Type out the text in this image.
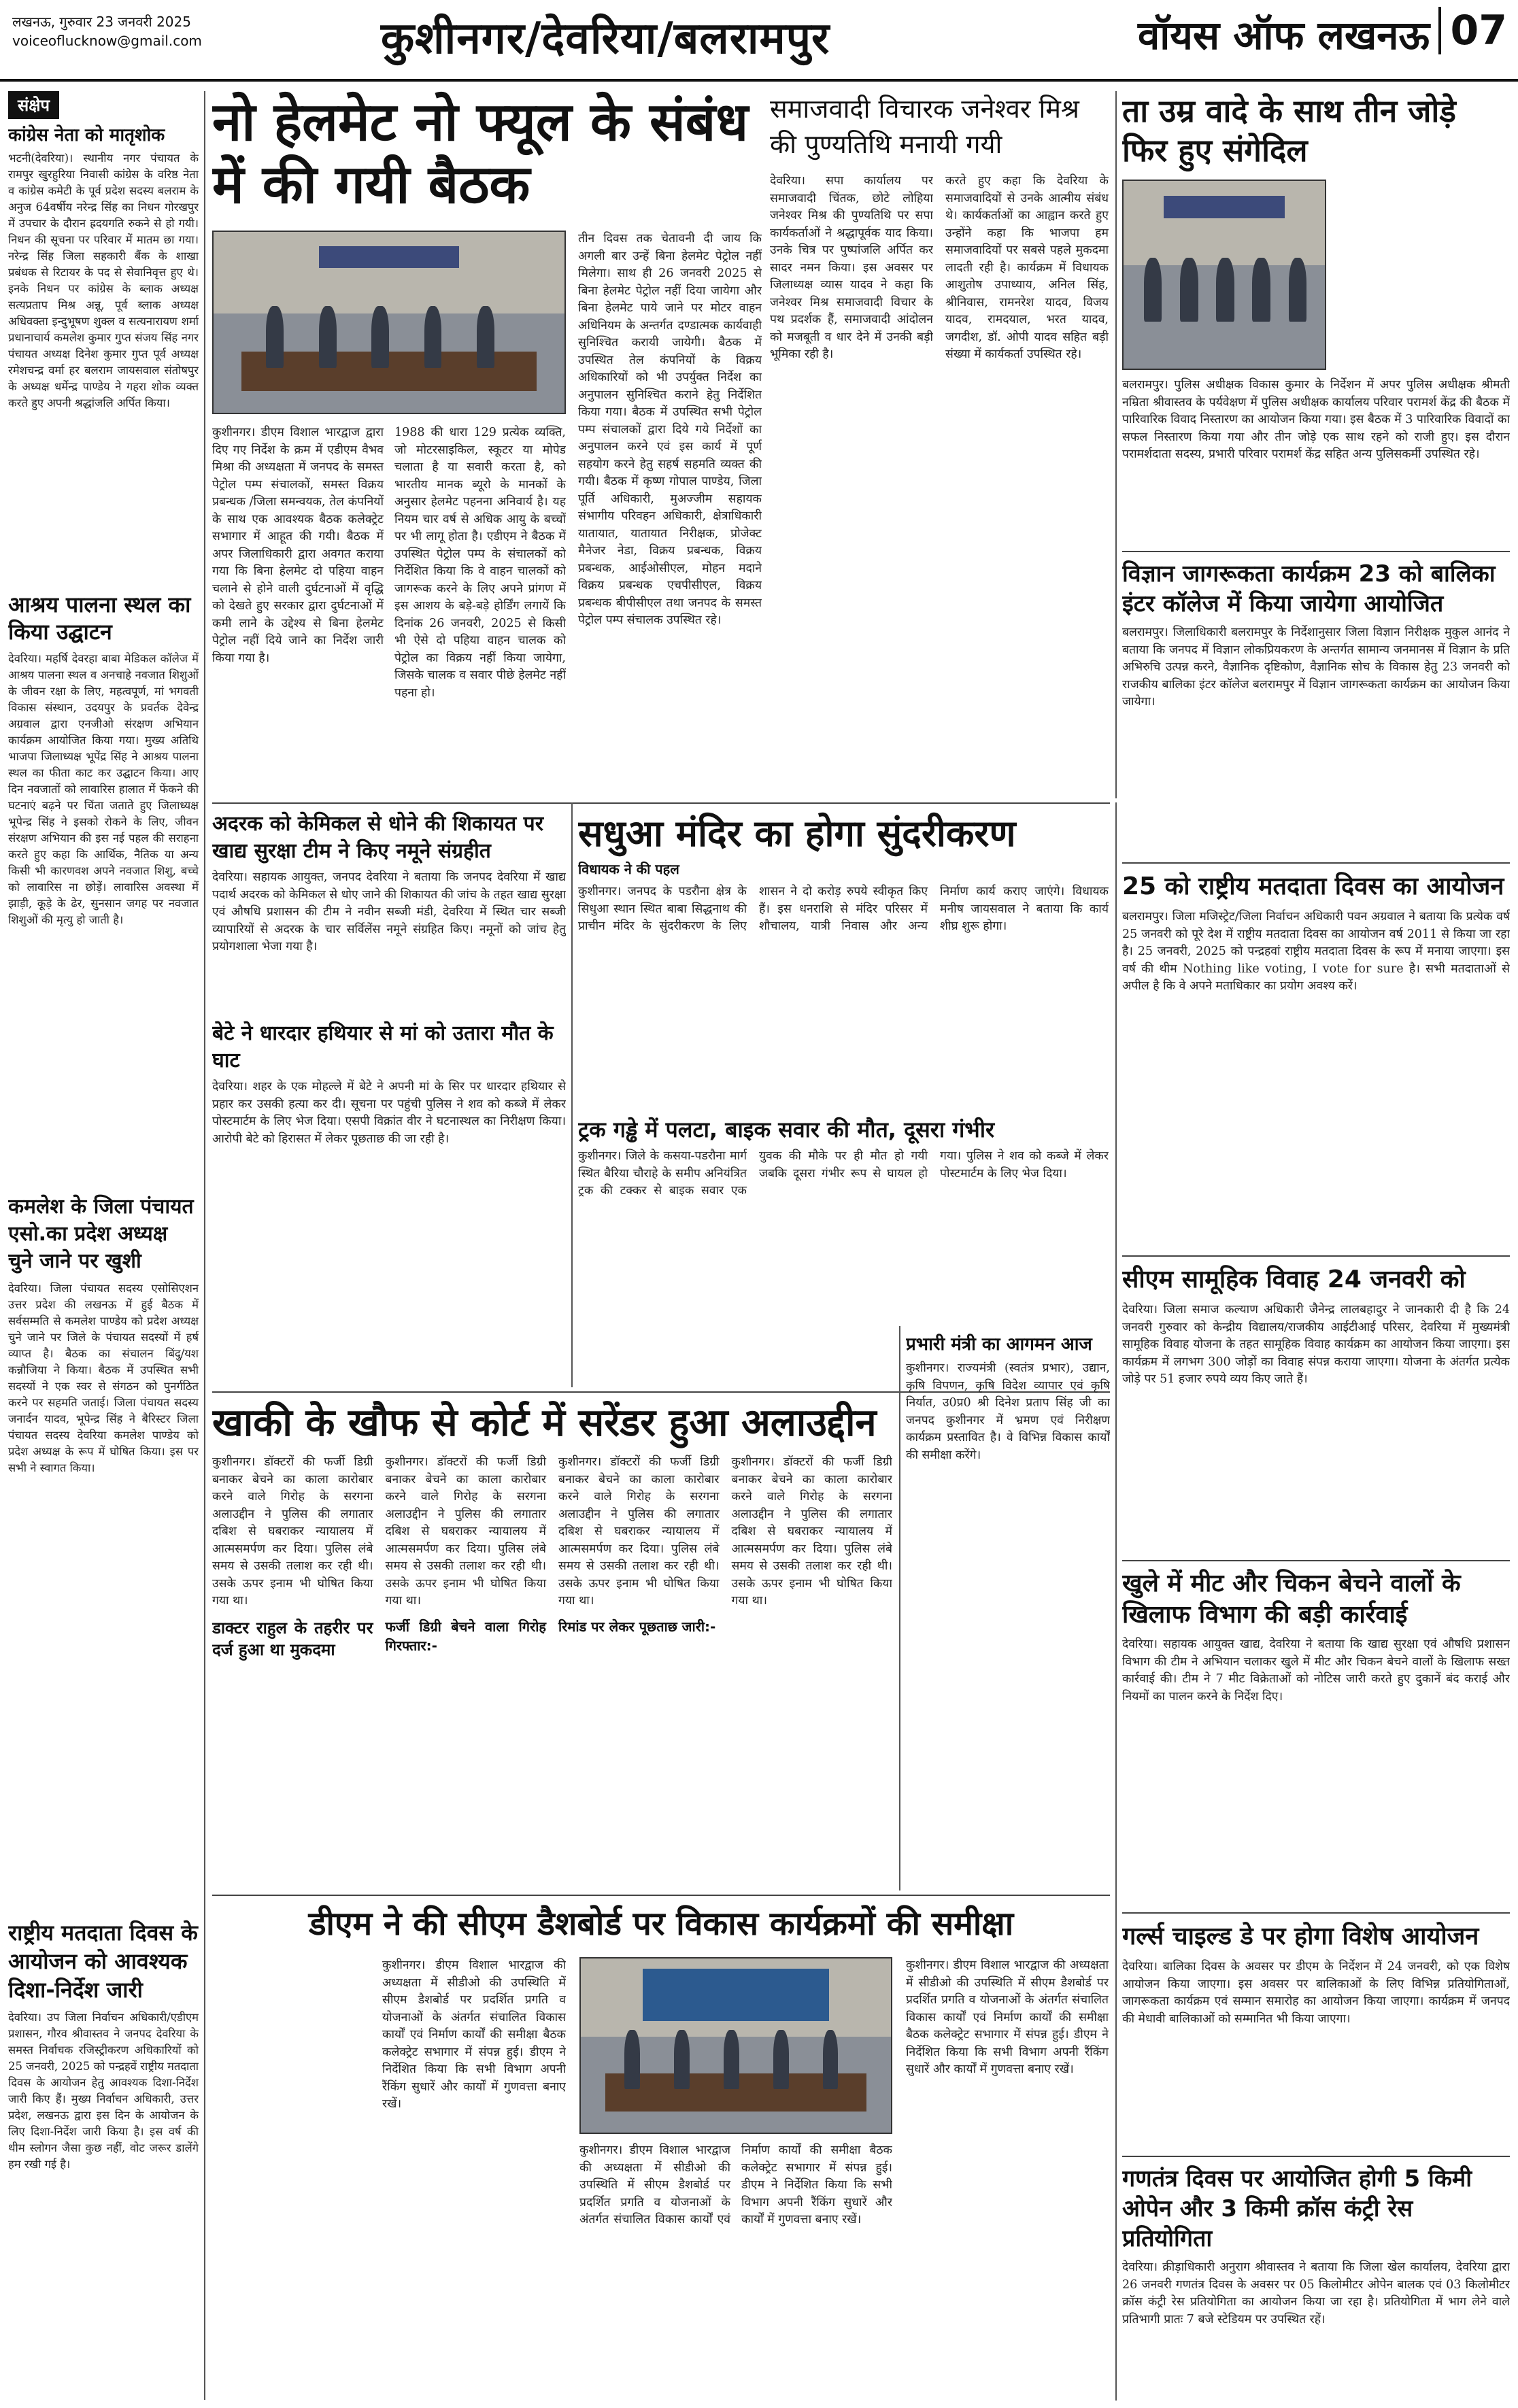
लखनऊ, गुरुवार 23 जनवरी 2025
voiceoflucknow@gmail.com	कुशीनगर/देवरिया/बलरामपुर	वॉयस ऑफ लखनऊ 07
संक्षेप
कांग्रेस नेता को मातृशोक
भटनी(देवरिया)। स्थानीय नगर पंचायत के रामपुर खुरहुरिया निवासी कांग्रेस के वरिष्ठ नेता व कांग्रेस कमेटी के पूर्व प्रदेश सदस्य बलराम के अनुज 64वर्षीय नरेन्द्र सिंह का निधन गोरखपुर में उपचार के दौरान ह्रदयगति रुकने से हो गयी। निधन की सूचना पर परिवार में मातम छा गया। नरेन्द्र सिंह जिला सहकारी बैंक के शाखा प्रबंधक से रिटायर के पद से सेवानिवृत्त हुए थे। इनके निधन पर कांग्रेस के ब्लाक अध्यक्ष सत्यप्रताप मिश्र अन्नू, पूर्व ब्लाक अध्यक्ष अधिवक्ता इन्दुभूषण शुक्ल व सत्यनारायण शर्मा प्रधानाचार्य कमलेश कुमार गुप्त संजय सिंह नगर पंचायत अध्यक्ष दिनेश कुमार गुप्त पूर्व अध्यक्ष रमेशचन्द्र वर्मा हर बलराम जायसवाल संतोषपुर के अध्यक्ष धर्मेन्द्र पाण्डेय ने गहरा शोक व्यक्त करते हुए अपनी श्रद्धांजलि अर्पित किया।
आश्रय पालना स्थल का किया उद्घाटन
देवरिया। महर्षि देवरहा बाबा मेडिकल कॉलेज में आश्रय पालना स्थल व अनचाहे नवजात शिशुओं के जीवन रक्षा के लिए, महत्वपूर्ण, मां भगवती विकास संस्थान, उदयपुर के प्रवर्तक देवेन्द्र अग्रवाल द्वारा एनजीओ संरक्षण अभियान कार्यक्रम आयोजित किया गया। मुख्य अतिथि भाजपा जिलाध्यक्ष भूपेंद्र सिंह ने आश्रय पालना स्थल का फीता काट कर उद्घाटन किया। आए दिन नवजातों को लावारिस हालात में फेंकने की घटनाएं बढ़ने पर चिंता जताते हुए जिलाध्यक्ष भूपेन्द्र सिंह ने इसको रोकने के लिए, जीवन संरक्षण अभियान की इस नई पहल की सराहना करते हुए कहा कि आर्थिक, नैतिक या अन्य किसी भी कारणवश अपने नवजात शिशु, बच्चे को लावारिस ना छोड़ें। लावारिस अवस्था में झाड़ी, कूड़े के ढेर, सुनसान जगह पर नवजात शिशुओं की मृत्यु हो जाती है।
कमलेश के जिला पंचायत एसो.का प्रदेश अध्यक्ष चुने जाने पर खुशी
देवरिया। जिला पंचायत सदस्य एसोसिएशन उत्तर प्रदेश की लखनऊ में हुई बैठक में सर्वसम्मति से कमलेश पाण्डेय को प्रदेश अध्यक्ष चुने जाने पर जिले के पंचायत सदस्यों में हर्ष व्याप्त है। बैठक का संचालन बिंदु/यश कन्नौजिया ने किया। बैठक में उपस्थित सभी सदस्यों ने एक स्वर से संगठन को पुनर्गठित करने पर सहमति जताई। जिला पंचायत सदस्य जनार्दन यादव, भूपेन्द्र सिंह ने बैरिस्टर जिला पंचायत सदस्य देवरिया कमलेश पाण्डेय को प्रदेश अध्यक्ष के रूप में घोषित किया। इस पर सभी ने स्वागत किया।
राष्ट्रीय मतदाता दिवस के आयोजन को आवश्यक दिशा-निर्देश जारी
देवरिया। उप जिला निर्वाचन अधिकारी/एडीएम प्रशासन, गौरव श्रीवास्तव ने जनपद देवरिया के समस्त निर्वाचक रजिस्ट्रीकरण अधिकारियों को 25 जनवरी, 2025 को पन्द्रहवें राष्ट्रीय मतदाता दिवस के आयोजन हेतु आवश्यक दिशा-निर्देश जारी किए हैं। मुख्य निर्वाचन अधिकारी, उत्तर प्रदेश, लखनऊ द्वारा इस दिन के आयोजन के लिए दिशा-निर्देश जारी किया है। इस वर्ष की थीम स्लोगन जैसा कुछ नहीं, वोट जरूर डालेंगे हम रखी गई है।
नो हेलमेट नो फ्यूल के संबंध में की गयी बैठक
कुशीनगर। डीएम विशाल भारद्वाज द्वारा दिए गए निर्देश के क्रम में एडीएम वैभव मिश्रा की अध्यक्षता में जनपद के समस्त पेट्रोल पम्प संचालकों, समस्त विक्रय प्रबन्धक /जिला समन्वयक, तेल कंपनियों के साथ एक आवश्यक बैठक कलेक्ट्रेट सभागार में आहूत की गयी। बैठक में अपर जिलाधिकारी द्वारा अवगत कराया गया कि बिना हेलमेट दो पहिया वाहन चलाने से होने वाली दुर्घटनाओं में वृद्धि को देखते हुए सरकार द्वारा दुर्घटनाओं में कमी लाने के उद्देश्य से बिना हेलमेट पेट्रोल नहीं दिये जाने का निर्देश जारी किया गया है।
1988 की धारा 129 प्रत्येक व्यक्ति, जो मोटरसाइकिल, स्कूटर या मोपेड चलाता है या सवारी करता है, को भारतीय मानक ब्यूरो के मानकों के अनुसार हेलमेट पहनना अनिवार्य है। यह नियम चार वर्ष से अधिक आयु के बच्चों पर भी लागू होता है। एडीएम ने बैठक में उपस्थित पेट्रोल पम्प के संचालकों को निर्देशित किया कि वे वाहन चालकों को जागरूक करने के लिए अपने प्रांगण में इस आशय के बड़े-बड़े होर्डिंग लगायें कि दिनांक 26 जनवरी, 2025 से किसी भी ऐसे दो पहिया वाहन चालक को पेट्रोल का विक्रय नहीं किया जायेगा, जिसके चालक व सवार पीछे हेलमेट नहीं पहना हो।
तीन दिवस तक चेतावनी दी जाय कि अगली बार उन्हें बिना हेलमेट पेट्रोल नहीं मिलेगा। साथ ही 26 जनवरी 2025 से बिना हेलमेट पेट्रोल नहीं दिया जायेगा और बिना हेलमेट पाये जाने पर मोटर वाहन अधिनियम के अन्तर्गत दण्डात्मक कार्यवाही सुनिश्चित करायी जायेगी। बैठक में उपस्थित तेल कंपनियों के विक्रय अधिकारियों को भी उपर्युक्त निर्देश का अनुपालन सुनिश्चित कराने हेतु निर्देशित किया गया। बैठक में उपस्थित सभी पेट्रोल पम्प संचालकों द्वारा दिये गये निर्देशों का अनुपालन करने एवं इस कार्य में पूर्ण सहयोग करने हेतु सहर्ष सहमति व्यक्त की गयी। बैठक में कृष्ण गोपाल पाण्डेय, जिला पूर्ति अधिकारी, मुअज्जीम सहायक संभागीय परिवहन अधिकारी, क्षेत्राधिकारी यातायात, यातायात निरीक्षक, प्रोजेक्ट मैनेजर नेडा, विक्रय प्रबन्धक, विक्रय प्रबन्धक, आईओसीएल, मोहन मदाने विक्रय प्रबन्धक एचपीसीएल, विक्रय प्रबन्धक बीपीसीएल तथा जनपद के समस्त पेट्रोल पम्प संचालक उपस्थित रहे।
समाजवादी विचारक जनेश्वर मिश्र की पुण्यतिथि मनायी गयी
देवरिया। सपा कार्यालय पर समाजवादी चिंतक, छोटे लोहिया जनेश्वर मिश्र की पुण्यतिथि पर सपा कार्यकर्ताओं ने श्रद्धापूर्वक याद किया। उनके चित्र पर पुष्पांजलि अर्पित कर सादर नमन किया। इस अवसर पर जिलाध्यक्ष व्यास यादव ने कहा कि जनेश्वर मिश्र समाजवादी विचार के पथ प्रदर्शक हैं, समाजवादी आंदोलन को मजबूती व धार देने में उनकी बड़ी भूमिका रही है।
करते हुए कहा कि देवरिया के समाजवादियों से उनके आत्मीय संबंध थे। कार्यकर्ताओं का आह्वान करते हुए उन्होंने कहा कि भाजपा हम समाजवादियों पर सबसे पहले मुकदमा लादती रही है। कार्यक्रम में विधायक आशुतोष उपाध्याय, अनिल सिंह, श्रीनिवास, रामनरेश यादव, विजय यादव, रामदयाल, भरत यादव, जगदीश, डॉ. ओपी यादव सहित बड़ी संख्या में कार्यकर्ता उपस्थित रहे।
ता उम्र वादे के साथ तीन जोड़े फिर हुए संगेदिल
बलरामपुर। पुलिस अधीक्षक विकास कुमार के निर्देशन में अपर पुलिस अधीक्षक श्रीमती नम्रिता श्रीवास्तव के पर्यवेक्षण में पुलिस अधीक्षक कार्यालय परिवार परामर्श केंद्र की बैठक में पारिवारिक विवाद निस्तारण का आयोजन किया गया। इस बैठक में 3 पारिवारिक विवादों का सफल निस्तारण किया गया और तीन जोड़े एक साथ रहने को राजी हुए। इस दौरान परामर्शदाता सदस्य, प्रभारी परिवार परामर्श केंद्र सहित अन्य पुलिसकर्मी उपस्थित रहे।
विज्ञान जागरूकता कार्यक्रम 23 को बालिका इंटर कॉलेज में किया जायेगा आयोजित
बलरामपुर। जिलाधिकारी बलरामपुर के निर्देशानुसार जिला विज्ञान निरीक्षक मुकुल आनंद ने बताया कि जनपद में विज्ञान लोकप्रियकरण के अन्तर्गत सामान्य जनमानस में विज्ञान के प्रति अभिरुचि उत्पन्न करने, वैज्ञानिक दृष्टिकोण, वैज्ञानिक सोच के विकास हेतु 23 जनवरी को राजकीय बालिका इंटर कॉलेज बलरामपुर में विज्ञान जागरूकता कार्यक्रम का आयोजन किया जायेगा।
25 को राष्ट्रीय मतदाता दिवस का आयोजन
बलरामपुर। जिला मजिस्ट्रेट/जिला निर्वाचन अधिकारी पवन अग्रवाल ने बताया कि प्रत्येक वर्ष 25 जनवरी को पूरे देश में राष्ट्रीय मतदाता दिवस का आयोजन वर्ष 2011 से किया जा रहा है। 25 जनवरी, 2025 को पन्द्रहवां राष्ट्रीय मतदाता दिवस के रूप में मनाया जाएगा। इस वर्ष की थीम Nothing like voting, I vote for sure है। सभी मतदाताओं से अपील है कि वे अपने मताधिकार का प्रयोग अवश्य करें।
सीएम सामूहिक विवाह 24 जनवरी को
देवरिया। जिला समाज कल्याण अधिकारी जैनेन्द्र लालबहादुर ने जानकारी दी है कि 24 जनवरी गुरुवार को केन्द्रीय विद्यालय/राजकीय आईटीआई परिसर, देवरिया में मुख्यमंत्री सामूहिक विवाह योजना के तहत सामूहिक विवाह कार्यक्रम का आयोजन किया जाएगा। इस कार्यक्रम में लगभग 300 जोड़ों का विवाह संपन्न कराया जाएगा। योजना के अंतर्गत प्रत्येक जोड़े पर 51 हजार रुपये व्यय किए जाते हैं।
खुले में मीट और चिकन बेचने वालों के खिलाफ विभाग की बड़ी कार्रवाई
देवरिया। सहायक आयुक्त खाद्य, देवरिया ने बताया कि खाद्य सुरक्षा एवं औषधि प्रशासन विभाग की टीम ने अभियान चलाकर खुले में मीट और चिकन बेचने वालों के खिलाफ सख्त कार्रवाई की। टीम ने 7 मीट विक्रेताओं को नोटिस जारी करते हुए दुकानें बंद कराई और नियमों का पालन करने के निर्देश दिए।
गर्ल्स चाइल्ड डे पर होगा विशेष आयोजन
देवरिया। बालिका दिवस के अवसर पर डीएम के निर्देशन में 24 जनवरी, को एक विशेष आयोजन किया जाएगा। इस अवसर पर बालिकाओं के लिए विभिन्न प्रतियोगिताओं, जागरूकता कार्यक्रम एवं सम्मान समारोह का आयोजन किया जाएगा। कार्यक्रम में जनपद की मेधावी बालिकाओं को सम्मानित भी किया जाएगा।
गणतंत्र दिवस पर आयोजित होगी 5 किमी ओपेन और 3 किमी क्रॉस कंट्री रेस प्रतियोगिता
देवरिया। क्रीड़ाधिकारी अनुराग श्रीवास्तव ने बताया कि जिला खेल कार्यालय, देवरिया द्वारा 26 जनवरी गणतंत्र दिवस के अवसर पर 05 किलोमीटर ओपेन बालक एवं 03 किलोमीटर क्रॉस कंट्री रेस प्रतियोगिता का आयोजन किया जा रहा है। प्रतियोगिता में भाग लेने वाले प्रतिभागी प्रातः 7 बजे स्टेडियम पर उपस्थित रहें।
अदरक को केमिकल से धोने की शिकायत पर खाद्य सुरक्षा टीम ने किए नमूने संग्रहीत
देवरिया। सहायक आयुक्त, जनपद देवरिया ने बताया कि जनपद देवरिया में खाद्य पदार्थ अदरक को केमिकल से धोए जाने की शिकायत की जांच के तहत खाद्य सुरक्षा एवं औषधि प्रशासन की टीम ने नवीन सब्जी मंडी, देवरिया में स्थित चार सब्जी व्यापारियों से अदरक के चार सर्विलेंस नमूने संग्रहित किए। नमूनों को जांच हेतु प्रयोगशाला भेजा गया है।
बेटे ने धारदार हथियार से मां को उतारा मौत के घाट
देवरिया। शहर के एक मोहल्ले में बेटे ने अपनी मां के सिर पर धारदार हथियार से प्रहार कर उसकी हत्या कर दी। सूचना पर पहुंची पुलिस ने शव को कब्जे में लेकर पोस्टमार्टम के लिए भेज दिया। एसपी विक्रांत वीर ने घटनास्थल का निरीक्षण किया। आरोपी बेटे को हिरासत में लेकर पूछताछ की जा रही है।
सधुआ मंदिर का होगा सुंदरीकरण
विधायक ने की पहल
कुशीनगर। जनपद के पडरौना क्षेत्र के सिधुआ स्थान स्थित बाबा सिद्धनाथ की प्राचीन मंदिर के सुंदरीकरण के लिए शासन ने दो करोड़ रुपये स्वीकृत किए हैं। इस धनराशि से मंदिर परिसर में शौचालय, यात्री निवास और अन्य निर्माण कार्य कराए जाएंगे। विधायक मनीष जायसवाल ने बताया कि कार्य शीघ्र शुरू होगा।
ट्रक गड्ढे में पलटा, बाइक सवार की मौत, दूसरा गंभीर
कुशीनगर। जिले के कसया-पडरौना मार्ग स्थित बैरिया चौराहे के समीप अनियंत्रित ट्रक की टक्कर से बाइक सवार एक युवक की मौके पर ही मौत हो गयी जबकि दूसरा गंभीर रूप से घायल हो गया। पुलिस ने शव को कब्जे में लेकर पोस्टमार्टम के लिए भेज दिया।
खाकी के खौफ से कोर्ट में सरेंडर हुआ अलाउद्दीन
कुशीनगर। डॉक्टरों की फर्जी डिग्री बनाकर बेचने का काला कारोबार करने वाले गिरोह के सरगना अलाउद्दीन ने पुलिस की लगातार दबिश से घबराकर न्यायालय में आत्मसमर्पण कर दिया। पुलिस लंबे समय से उसकी तलाश कर रही थी। उसके ऊपर इनाम भी घोषित किया गया था।
डाक्टर राहुल के तहरीर पर दर्ज हुआ था मुकदमा
कुशीनगर। डॉक्टरों की फर्जी डिग्री बनाकर बेचने का काला कारोबार करने वाले गिरोह के सरगना अलाउद्दीन ने पुलिस की लगातार दबिश से घबराकर न्यायालय में आत्मसमर्पण कर दिया। पुलिस लंबे समय से उसकी तलाश कर रही थी। उसके ऊपर इनाम भी घोषित किया गया था।
फर्जी डिग्री बेचने वाला गिरोह गिरफ्तार:-
कुशीनगर। डॉक्टरों की फर्जी डिग्री बनाकर बेचने का काला कारोबार करने वाले गिरोह के सरगना अलाउद्दीन ने पुलिस की लगातार दबिश से घबराकर न्यायालय में आत्मसमर्पण कर दिया। पुलिस लंबे समय से उसकी तलाश कर रही थी। उसके ऊपर इनाम भी घोषित किया गया था।
रिमांड पर लेकर पूछताछ जारी:-
कुशीनगर। डॉक्टरों की फर्जी डिग्री बनाकर बेचने का काला कारोबार करने वाले गिरोह के सरगना अलाउद्दीन ने पुलिस की लगातार दबिश से घबराकर न्यायालय में आत्मसमर्पण कर दिया। पुलिस लंबे समय से उसकी तलाश कर रही थी। उसके ऊपर इनाम भी घोषित किया गया था।
प्रभारी मंत्री का आगमन आज
कुशीनगर। राज्यमंत्री (स्वतंत्र प्रभार), उद्यान, कृषि विपणन, कृषि विदेश व्यापार एवं कृषि निर्यात, उ0प्र0 श्री दिनेश प्रताप सिंह जी का जनपद कुशीनगर में भ्रमण एवं निरीक्षण कार्यक्रम प्रस्तावित है। वे विभिन्न विकास कार्यों की समीक्षा करेंगे।
डीएम ने की सीएम डैशबोर्ड पर विकास कार्यक्रमों की समीक्षा
कुशीनगर। डीएम विशाल भारद्वाज की अध्यक्षता में सीडीओ की उपस्थिति में सीएम डैशबोर्ड पर प्रदर्शित प्रगति व योजनाओं के अंतर्गत संचालित विकास कार्यों एवं निर्माण कार्यों की समीक्षा बैठक कलेक्ट्रेट सभागार में संपन्न हुई। डीएम ने निर्देशित किया कि सभी विभाग अपनी रैंकिंग सुधारें और कार्यों में गुणवत्ता बनाए रखें।
कुशीनगर। डीएम विशाल भारद्वाज की अध्यक्षता में सीडीओ की उपस्थिति में सीएम डैशबोर्ड पर प्रदर्शित प्रगति व योजनाओं के अंतर्गत संचालित विकास कार्यों एवं निर्माण कार्यों की समीक्षा बैठक कलेक्ट्रेट सभागार में संपन्न हुई। डीएम ने निर्देशित किया कि सभी विभाग अपनी रैंकिंग सुधारें और कार्यों में गुणवत्ता बनाए रखें।
कुशीनगर। डीएम विशाल भारद्वाज की अध्यक्षता में सीडीओ की उपस्थिति में सीएम डैशबोर्ड पर प्रदर्शित प्रगति व योजनाओं के अंतर्गत संचालित विकास कार्यों एवं निर्माण कार्यों की समीक्षा बैठक कलेक्ट्रेट सभागार में संपन्न हुई। डीएम ने निर्देशित किया कि सभी विभाग अपनी रैंकिंग सुधारें और कार्यों में गुणवत्ता बनाए रखें।
